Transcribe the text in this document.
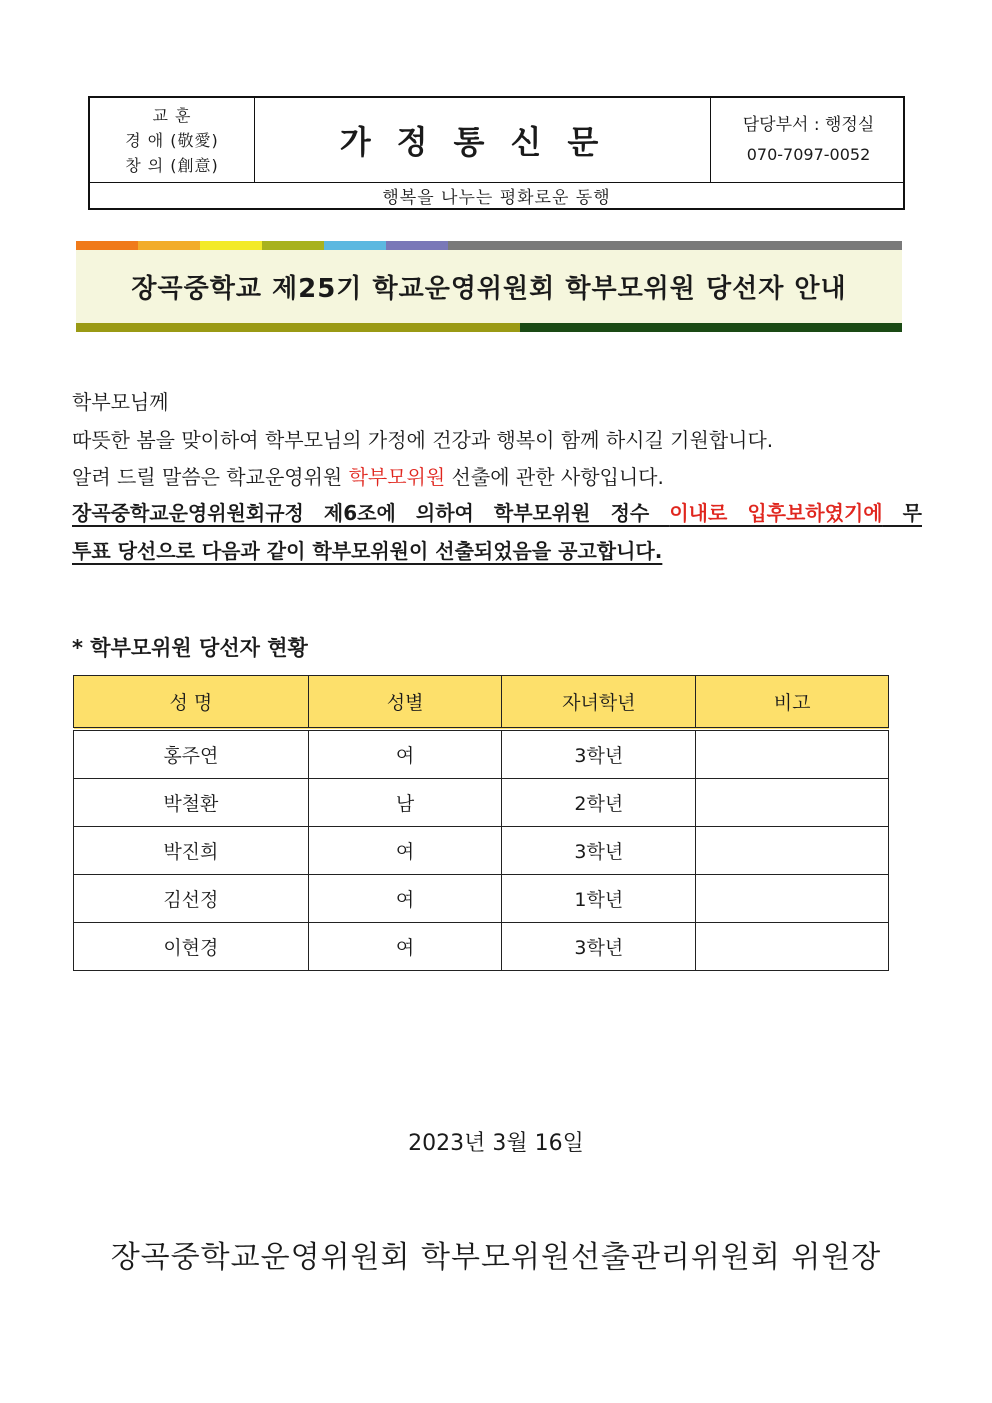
교 훈
경 애 (敬愛)
창 의 (創意)
가정통신문	담당부서 : 행정실
070-7097-0052
행복을 나누는 평화로운 동행
장곡중학교 제25기 학교운영위원회 학부모위원 당선자 안내
학부모님께
따뜻한 봄을 맞이하여 학부모님의 가정에 건강과 행복이 함께 하시길 기원합니다.
알려 드릴 말씀은 학교운영위원 학부모위원 선출에 관한 사항입니다.
장곡중학교운영위원회규정 제6조에 의하여 학부모위원 정수 이내로 입후보하였기에 무
투표 당선으로 다음과 같이 학부모위원이 선출되었음을 공고합니다.
* 학부모위원 당선자 현황
성 명	성별	자녀학년	비고
홍주연	여	3학년	
박철환	남	2학년	
박진희	여	3학년	
김선정	여	1학년	
이현경	여	3학년	
2023년 3월 16일
장곡중학교운영위원회 학부모위원선출관리위원회 위원장
